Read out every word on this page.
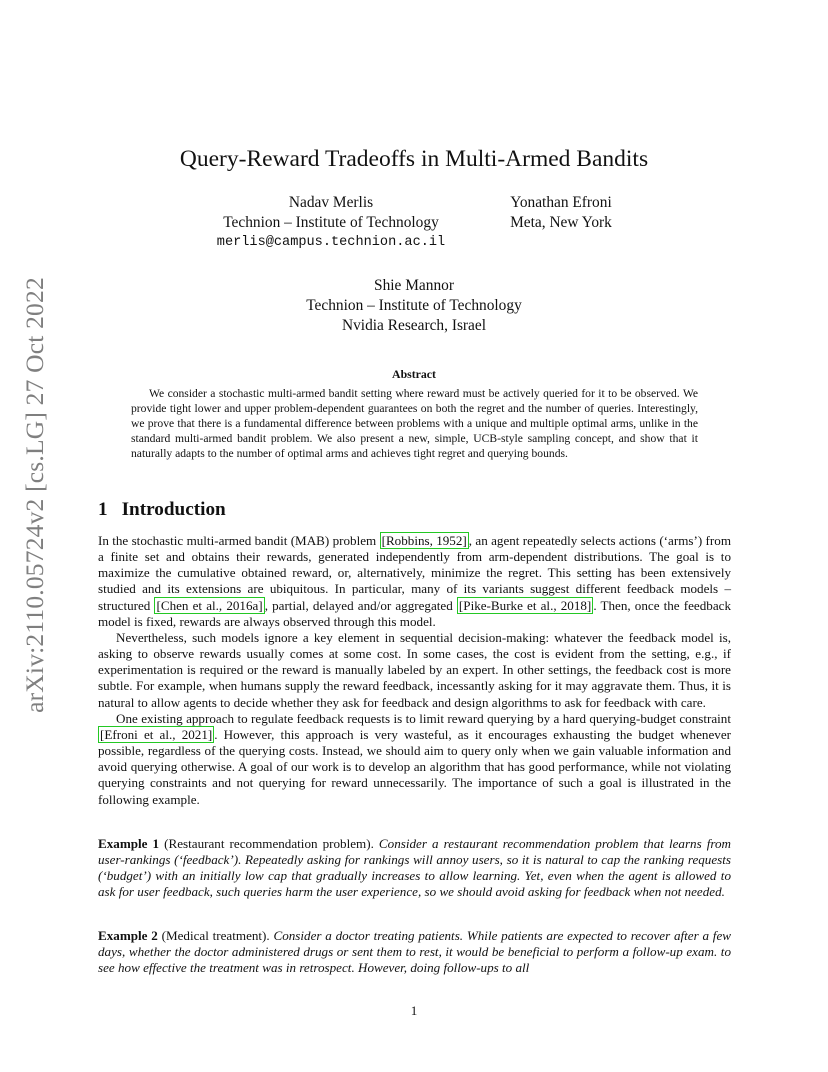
arXiv:2110.05724v2 [cs.LG] 27 Oct 2022
Query-Reward Tradeoffs in Multi-Armed Bandits
Nadav Merlis
Technion – Institute of Technology
merlis@campus.technion.ac.il
Yonathan Efroni
Meta, New York
Shie Mannor
Technion – Institute of Technology
Nvidia Research, Israel
Abstract

We consider a stochastic multi-armed bandit setting where reward must be actively queried for it to be observed. We provide tight lower and upper problem-dependent guarantees on both the regret and the number of queries. Interestingly, we prove that there is a fundamental difference between problems with a unique and multiple optimal arms, unlike in the standard multi-armed bandit problem. We also present a new, simple, UCB-style sampling concept, and show that it naturally adapts to the number of optimal arms and achieves tight regret and querying bounds.

1 Introduction

In the stochastic multi-armed bandit (MAB) problem [Robbins, 1952] , an agent repeatedly selects actions (‘arms’) from a finite set and obtains their rewards, generated independently from arm-dependent distributions. The goal is to maximize the cumulative obtained reward, or, alternatively, minimize the regret. This setting has been extensively studied and its extensions are ubiquitous. In particular, many of its variants suggest different feedback models – structured [Chen et al., 2016a] , partial, delayed and/or aggregated [Pike-Burke et al., 2018] . Then, once the feedback model is fixed, rewards are always observed through this model.

Nevertheless, such models ignore a key element in sequential decision-making: whatever the feedback model is, asking to observe rewards usually comes at some cost. In some cases, the cost is evident from the setting, e.g., if experimentation is required or the reward is manually labeled by an expert. In other settings, the feedback cost is more subtle. For example, when humans supply the reward feedback, incessantly asking for it may aggravate them. Thus, it is natural to allow agents to decide whether they ask for feedback and design algorithms to ask for feedback with care.

One existing approach to regulate feedback requests is to limit reward querying by a hard querying-budget constraint [Efroni et al., 2021] . However, this approach is very wasteful, as it encourages exhausting the budget whenever possible, regardless of the querying costs. Instead, we should aim to query only when we gain valuable information and avoid querying otherwise. A goal of our work is to develop an algorithm that has good performance, while not violating querying constraints and not querying for reward unnecessarily. The importance of such a goal is illustrated in the following example.

Example 1 (Restaurant recommendation problem). Consider a restaurant recommendation problem that learns from user-rankings (‘feedback’). Repeatedly asking for rankings will annoy users, so it is natural to cap the ranking requests (‘budget’) with an initially low cap that gradually increases to allow learning. Yet, even when the agent is allowed to ask for user feedback, such queries harm the user experience, so we should avoid asking for feedback when not needed.

Example 2 (Medical treatment). Consider a doctor treating patients. While patients are expected to recover after a few days, whether the doctor administered drugs or sent them to rest, it would be beneficial to perform a follow-up exam. to see how effective the treatment was in retrospect. However, doing follow-ups to all

1
